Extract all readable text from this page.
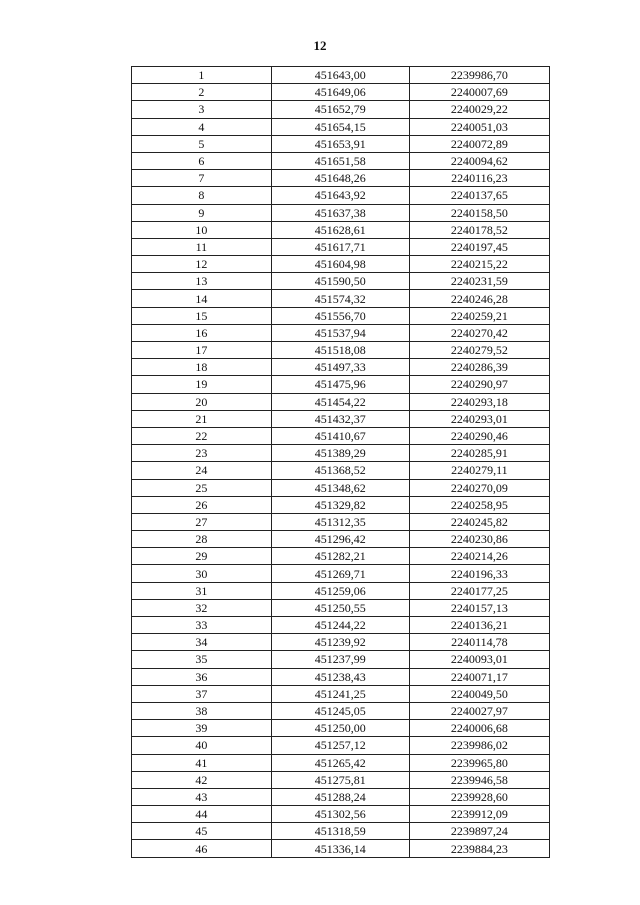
12
1	451643,00	2239986,70
2	451649,06	2240007,69
3	451652,79	2240029,22
4	451654,15	2240051,03
5	451653,91	2240072,89
6	451651,58	2240094,62
7	451648,26	2240116,23
8	451643,92	2240137,65
9	451637,38	2240158,50
10	451628,61	2240178,52
11	451617,71	2240197,45
12	451604,98	2240215,22
13	451590,50	2240231,59
14	451574,32	2240246,28
15	451556,70	2240259,21
16	451537,94	2240270,42
17	451518,08	2240279,52
18	451497,33	2240286,39
19	451475,96	2240290,97
20	451454,22	2240293,18
21	451432,37	2240293,01
22	451410,67	2240290,46
23	451389,29	2240285,91
24	451368,52	2240279,11
25	451348,62	2240270,09
26	451329,82	2240258,95
27	451312,35	2240245,82
28	451296,42	2240230,86
29	451282,21	2240214,26
30	451269,71	2240196,33
31	451259,06	2240177,25
32	451250,55	2240157,13
33	451244,22	2240136,21
34	451239,92	2240114,78
35	451237,99	2240093,01
36	451238,43	2240071,17
37	451241,25	2240049,50
38	451245,05	2240027,97
39	451250,00	2240006,68
40	451257,12	2239986,02
41	451265,42	2239965,80
42	451275,81	2239946,58
43	451288,24	2239928,60
44	451302,56	2239912,09
45	451318,59	2239897,24
46	451336,14	2239884,23
